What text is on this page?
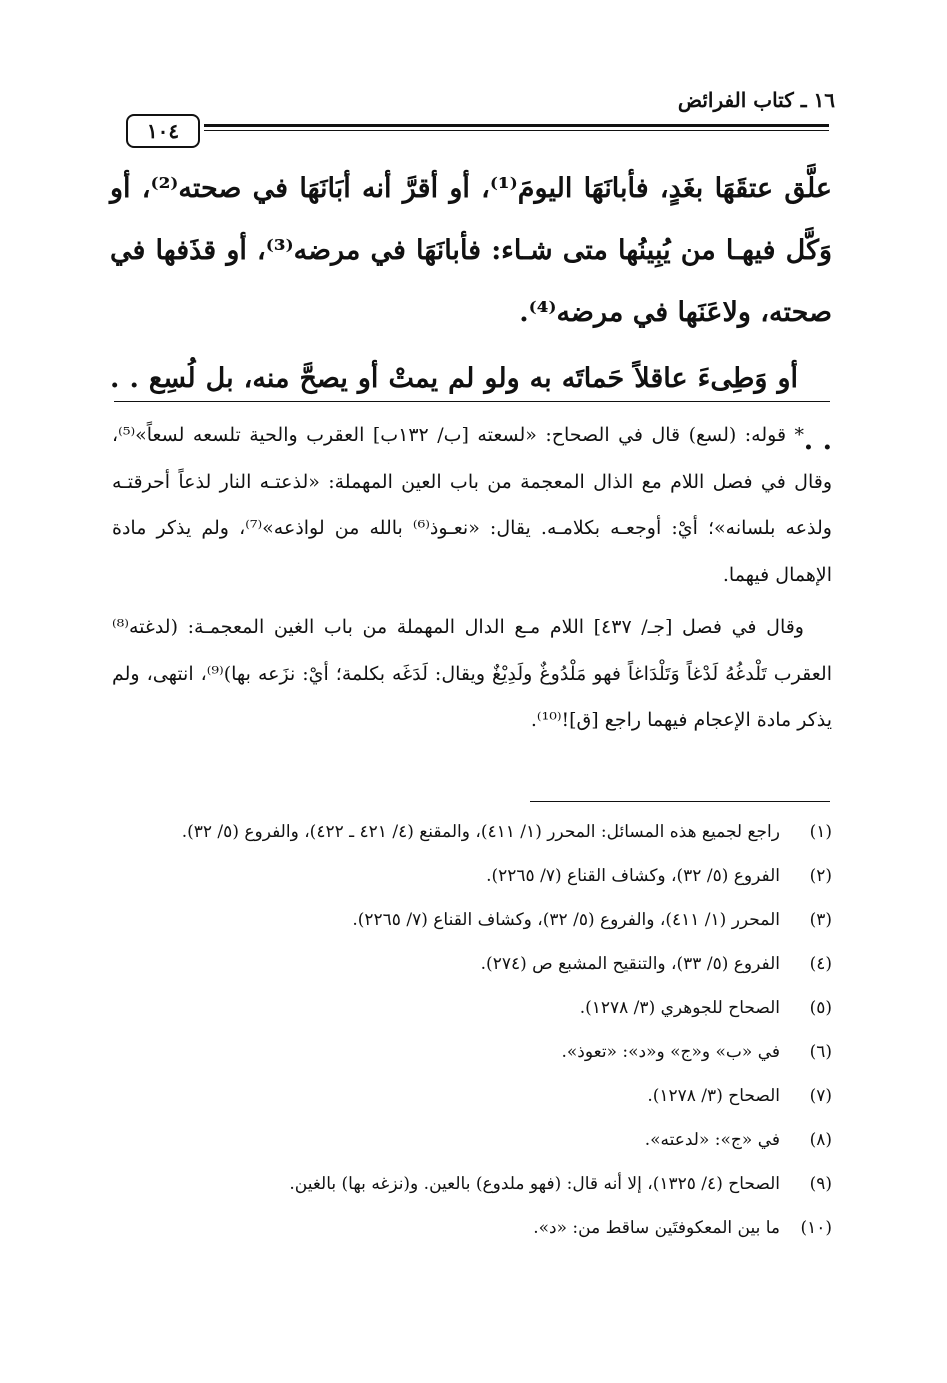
١٦ ـ كتاب الفرائض
١٠٤

علَّق عتقَهَا بغَدٍ، فأبانَهَا اليومَ⁽¹⁾، أو أقرَّ أنه أبَانَهَا في صحته⁽²⁾، أو وَكَّل فيهـا من يُبِينُها متى شـاء: فأبانَهَا في مرضه⁽³⁾، أو قذَفها في صحته، ولاعَنَها في مرضه⁽⁴⁾.

أو وَطِىءَ عاقلاً حَماتَه به ولو لم يمتْ أو يصحَّ منه، بل لُسِع . . . .

* قوله: (لسع) قال في الصحاح: «لسعته [ب/ ١٣٢ب] العقرب والحية تلسعه لسعاً»⁽⁵⁾، وقال في فصل اللام مع الذال المعجمة من باب العين المهملة: «لذعتـه النار لذعاً أحرقتـه ولذعه بلسانه»؛ أيْ: أوجعـه بكلامـه. يقال: «نعـوذ⁽⁶⁾ بالله من لواذعه»⁽⁷⁾، ولم يذكر مادة الإهمال فيهما.

وقال في فصل [جـ/ ٤٣٧] اللام مـع الدال المهملة من باب الغين المعجمـة: (لدغته⁽⁸⁾ العقرب تَلْدغُهُ لَدْغاً وَتَلْدَاغاً فهو مَلْدُوغٌ ولَدِيْغٌ ويقال: لَدَغَه بكلمة؛ أيْ: نزَعه بها)⁽⁹⁾، انتهى، ولم يذكر مادة الإعجام فيهما راجع [ق]!⁽¹⁰⁾.

(١)
راجع لجميع هذه المسائل: المحرر (١/ ٤١١)، والمقنع (٤/ ٤٢١ ـ ٤٢٢)، والفروع (٥/ ٣٢).
(٢)
الفروع (٥/ ٣٢)، وكشاف القناع (٧/ ٢٢٦٥).
(٣)
المحرر (١/ ٤١١)، والفروع (٥/ ٣٢)، وكشاف القناع (٧/ ٢٢٦٥).
(٤)
الفروع (٥/ ٣٣)، والتنقيح المشبع ص (٢٧٤).
(٥)
الصحاح للجوهري (٣/ ١٢٧٨).
(٦)
في «ب» و«ج» و«د»: «تعوذ».
(٧)
الصحاح (٣/ ١٢٧٨).
(٨)
في «ج»: «لدعته».
(٩)
الصحاح (٤/ ١٣٢٥)، إلا أنه قال: (فهو ملدوع) بالعين. و(نزغه بها) بالغين.
(١٠)
ما بين المعكوفتَين ساقط من: «د».
